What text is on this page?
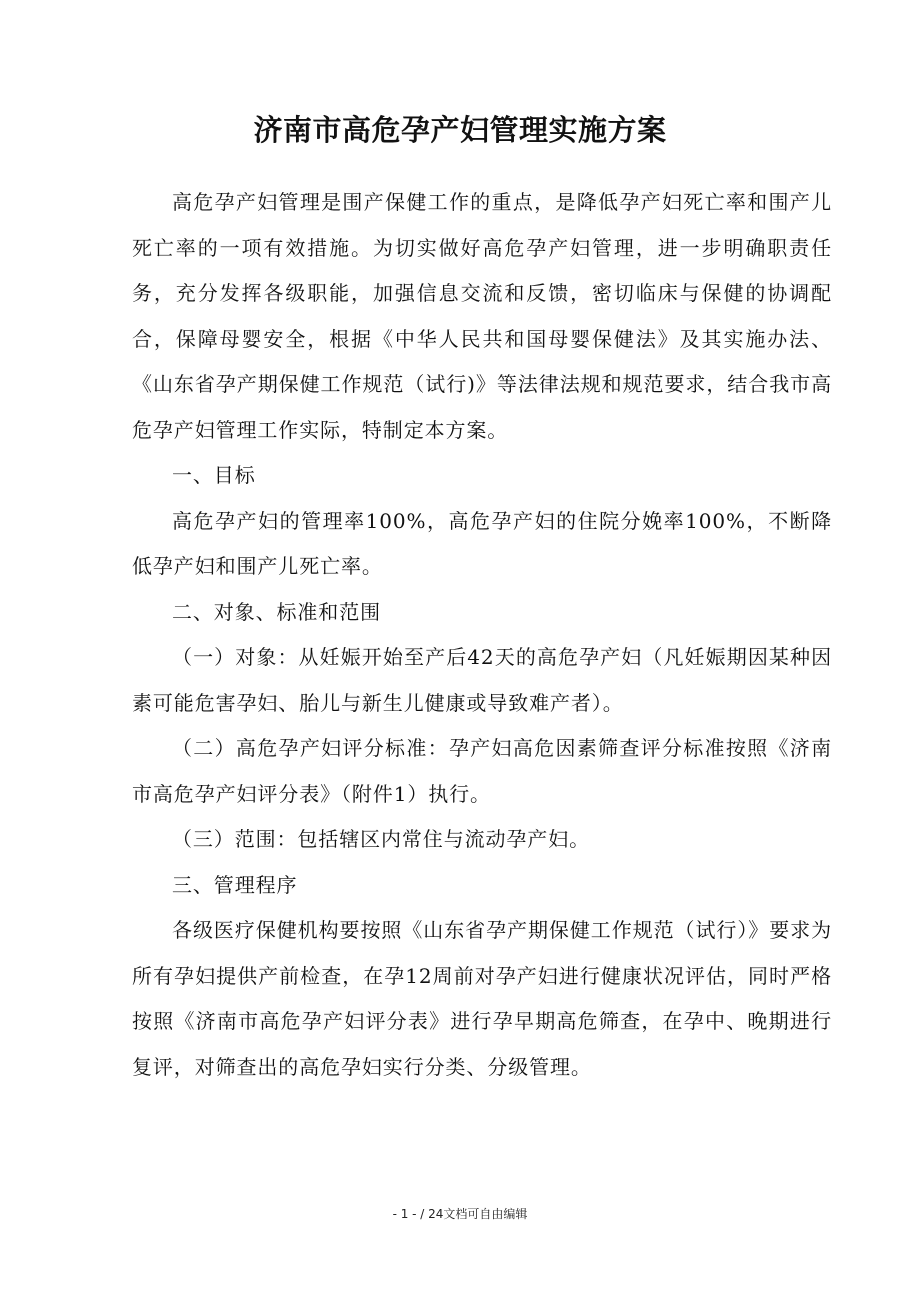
济南市高危孕产妇管理实施方案

高危孕产妇管理是围产保健工作的重点，是降低孕产妇死亡率和围产儿死亡率的一项有效措施。为切实做好高危孕产妇管理，进一步明确职责任务，充分发挥各级职能，加强信息交流和反馈，密切临床与保健的协调配合，保障母婴安全，根据《中华人民共和国母婴保健法》及其实施办法、《山东省孕产期保健工作规范（试行)》等法律法规和规范要求，结合我市高危孕产妇管理工作实际，特制定本方案。

一、目标

高危孕产妇的管理率100%，高危孕产妇的住院分娩率100%，不断降低孕产妇和围产儿死亡率。

二、对象、标准和范围

（一）对象：从妊娠开始至产后42天的高危孕产妇（凡妊娠期因某种因素可能危害孕妇、胎儿与新生儿健康或导致难产者）。

（二）高危孕产妇评分标准：孕产妇高危因素筛查评分标准按照《济南市高危孕产妇评分表》（附件1）执行。

（三）范围：包括辖区内常住与流动孕产妇。

三、管理程序

各级医疗保健机构要按照《山东省孕产期保健工作规范（试行）》要求为所有孕妇提供产前检查，在孕12周前对孕产妇进行健康状况评估，同时严格按照《济南市高危孕产妇评分表》进行孕早期高危筛查，在孕中、晚期进行复评，对筛查出的高危孕妇实行分类、分级管理。

- 1 - / 24文档可自由编辑
